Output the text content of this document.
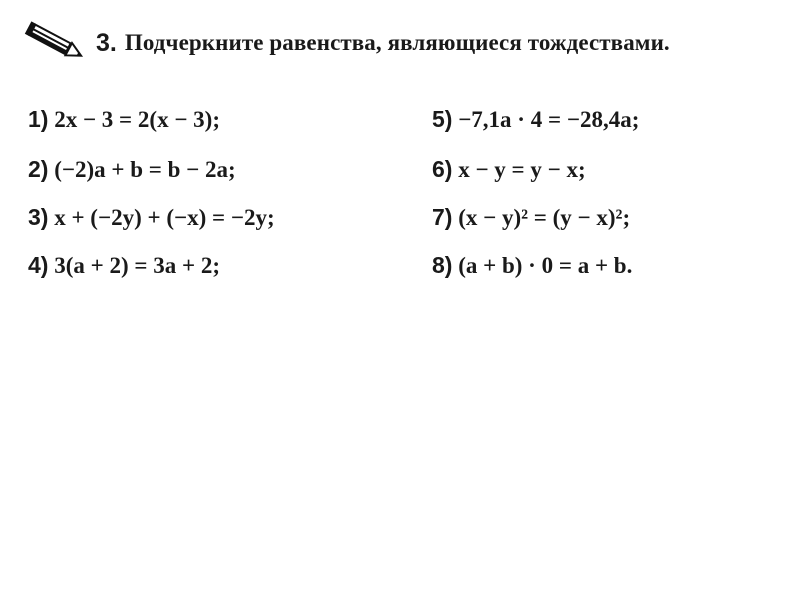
3. Подчеркните равенства, являющиеся тождествами.
1) 2x − 3 = 2(x − 3);
2) (−2)a + b = b − 2a;
3) x + (−2y) + (−x) = −2y;
4) 3(a + 2) = 3a + 2;
5) −7,1a · 4 = −28,4a;
6) x − y = y − x;
7) (x − y)² = (y − x)²;
8) (a + b) · 0 = a + b.
